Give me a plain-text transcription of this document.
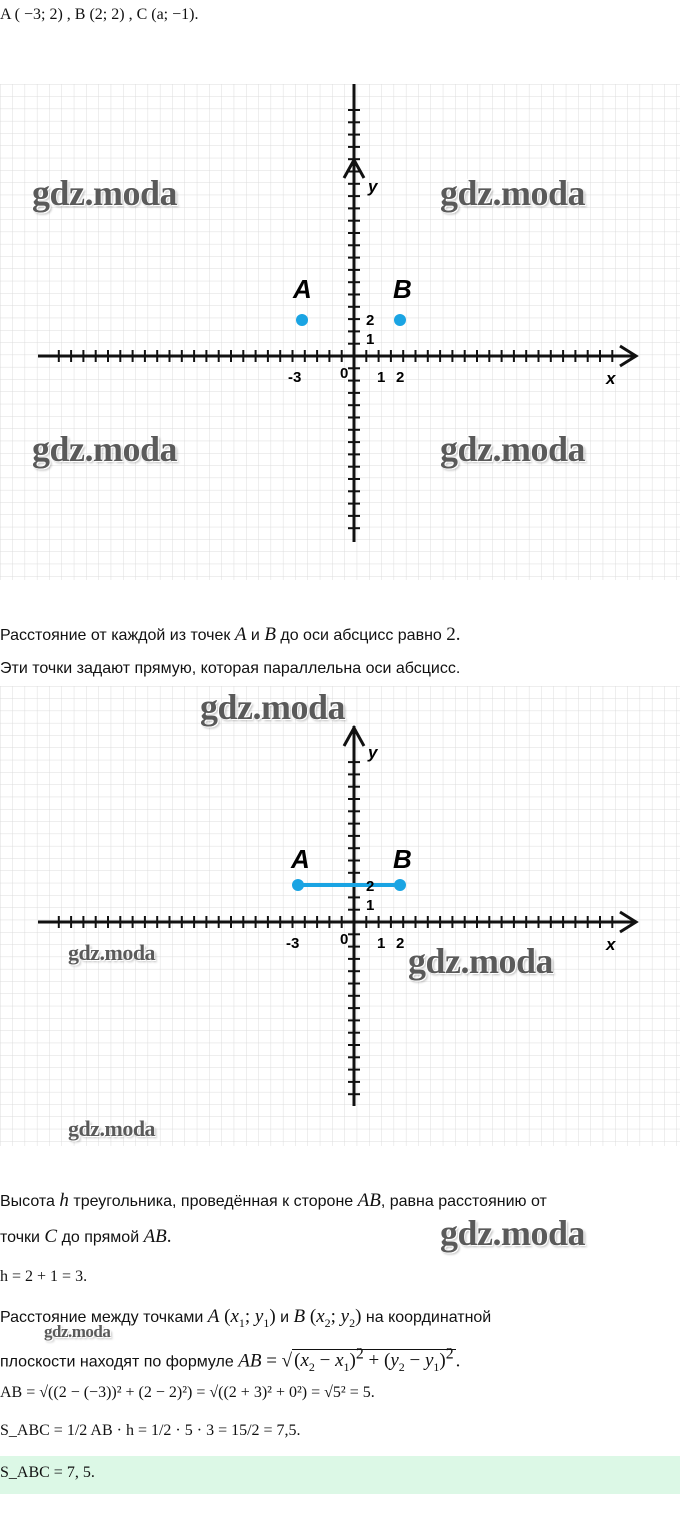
A ( −3; 2) , B (2; 2) , C (a; −1).
A	B
y
x
0
-3	1 2
2
1
gdz.moda	gdz.moda
gdz.moda	gdz.moda
Расстояние от каждой из точек A и B до оси абсцисс равно 2.
Эти точки задают прямую, которая параллельна оси абсцисс.
A	B
y
x
0
-3	1 2
2
1
gdz.moda
gdz.moda	gdz.moda
gdz.moda
Высота h треугольника, проведённая к стороне AB, равна расстоянию от
точки C до прямой AB.	gdz.moda
h = 2 + 1 = 3.
Расстояние между точками A ($x_1$; $y_1$) и B ($x_2$; $y_2$) на координатной
gdz.moda
плоскости находят по формуле AB = √ $(x_2 - x_1)^2 + (y_2 - y_1)^2$ .
AB = √((2 − (−3))² + (2 − 2)²) = √((2 + 3)² + 0²) = √5² = 5.
S_ABC = 1/2 AB · h = 1/2 · 5 · 3 = 15/2 = 7,5.
S_ABC = 7, 5.
